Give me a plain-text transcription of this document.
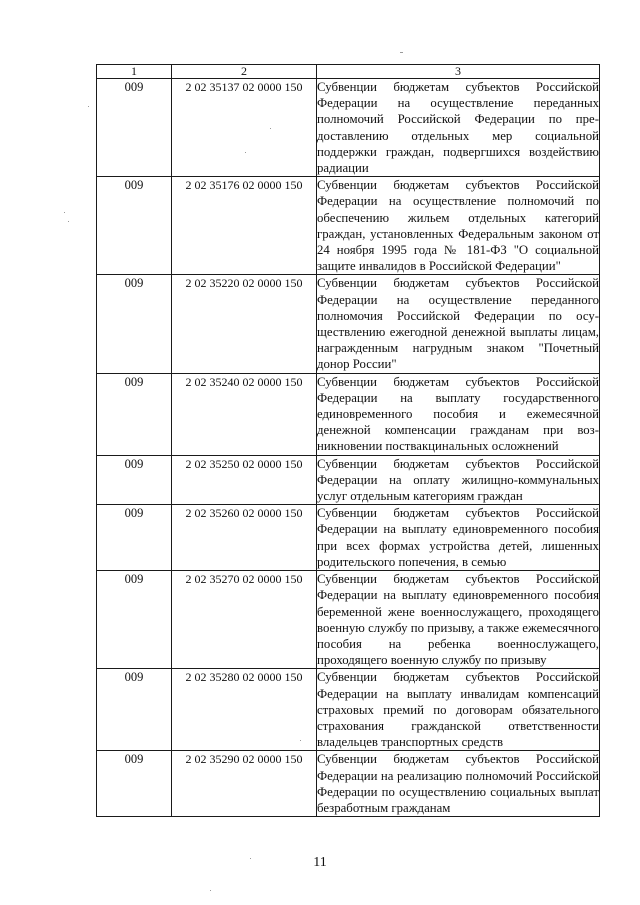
1	2	3
009	2 02 35137 02 0000 150	Субвенции бюджетам субъектов Российской Федерации на осуществление переданных полномочий Российской Федерации по предоставлению отдельных мер социальной поддержки граждан, подвергшихся воздействию радиации
009	2 02 35176 02 0000 150	Субвенции бюджетам субъектов Российской Федерации на осуществление полномочий по обеспечению жильем отдельных категорий граждан, установленных Федеральным законом от 24 ноября 1995 года № 181-ФЗ "О социальной защите инвалидов в Российской Федерации"
009	2 02 35220 02 0000 150	Субвенции бюджетам субъектов Российской Федерации на осуществление переданного полномочия Российской Федерации по осуществлению ежегодной денежной выплаты лицам, награжденным нагрудным знаком "Почетный донор России"
009	2 02 35240 02 0000 150	Субвенции бюджетам субъектов Российской Федерации на выплату государственного единовременного пособия и ежемесячной денежной компенсации гражданам при возникновении поствакцинальных осложнений
009	2 02 35250 02 0000 150	Субвенции бюджетам субъектов Российской Федерации на оплату жилищно-коммунальных услуг отдельным категориям граждан
009	2 02 35260 02 0000 150	Субвенции бюджетам субъектов Российской Федерации на выплату единовременного пособия при всех формах устройства детей, лишенных родительского попечения, в семью
009	2 02 35270 02 0000 150	Субвенции бюджетам субъектов Российской Федерации на выплату единовременного пособия беременной жене военнослужащего, проходящего военную службу по призыву, а также ежемесячного пособия на ребенка военнослужащего, проходящего военную службу по призыву
009	2 02 35280 02 0000 150	Субвенции бюджетам субъектов Российской Федерации на выплату инвалидам компенсаций страховых премий по договорам обязательного страхования гражданской ответственности владельцев транспортных средств
009	2 02 35290 02 0000 150	Субвенции бюджетам субъектов Российской Федерации на реализацию полномочий Российской Федерации по осуществлению социальных выплат безработным гражданам
11
